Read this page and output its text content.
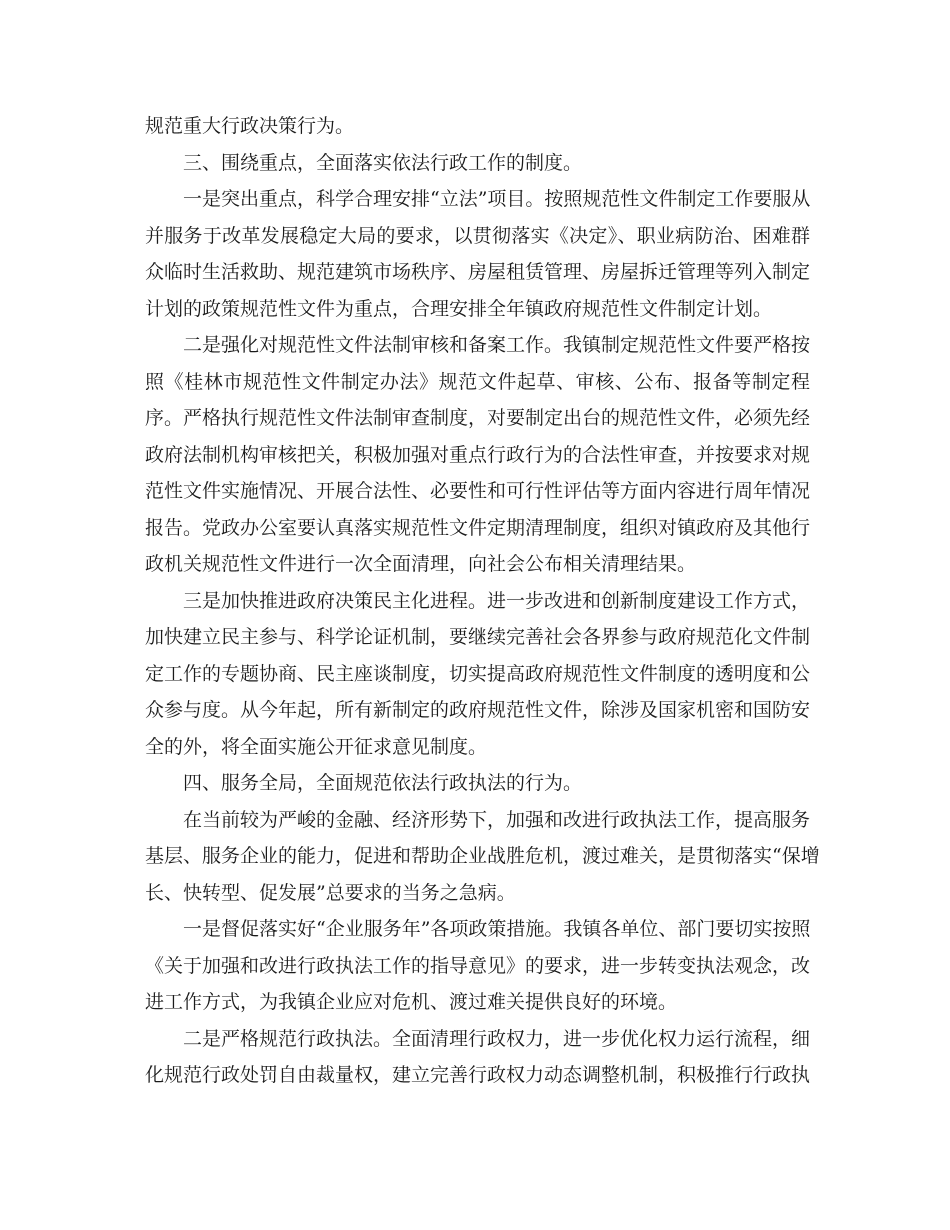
规范重大行政决策行为。
三、围绕重点，全面落实依法行政工作的制度。
一是突出重点，科学合理安排“立法”项目。按照规范性文件制定工作要服从
并服务于改革发展稳定大局的要求，以贯彻落实《决定》、职业病防治、困难群
众临时生活救助、规范建筑市场秩序、房屋租赁管理、房屋拆迁管理等列入制定
计划的政策规范性文件为重点，合理安排全年镇政府规范性文件制定计划。
二是强化对规范性文件法制审核和备案工作。我镇制定规范性文件要严格按
照《桂林市规范性文件制定办法》规范文件起草、审核、公布、报备等制定程
序。严格执行规范性文件法制审查制度，对要制定出台的规范性文件，必须先经
政府法制机构审核把关，积极加强对重点行政行为的合法性审查，并按要求对规
范性文件实施情况、开展合法性、必要性和可行性评估等方面内容进行周年情况
报告。党政办公室要认真落实规范性文件定期清理制度，组织对镇政府及其他行
政机关规范性文件进行一次全面清理，向社会公布相关清理结果。
三是加快推进政府决策民主化进程。进一步改进和创新制度建设工作方式，
加快建立民主参与、科学论证机制，要继续完善社会各界参与政府规范化文件制
定工作的专题协商、民主座谈制度，切实提高政府规范性文件制度的透明度和公
众参与度。从今年起，所有新制定的政府规范性文件，除涉及国家机密和国防安
全的外，将全面实施公开征求意见制度。
四、服务全局，全面规范依法行政执法的行为。
在当前较为严峻的金融、经济形势下，加强和改进行政执法工作，提高服务
基层、服务企业的能力，促进和帮助企业战胜危机，渡过难关，是贯彻落实“保增
长、快转型、促发展”总要求的当务之急病。
一是督促落实好“企业服务年”各项政策措施。我镇各单位、部门要切实按照
《关于加强和改进行政执法工作的指导意见》的要求，进一步转变执法观念，改
进工作方式，为我镇企业应对危机、渡过难关提供良好的环境。
二是严格规范行政执法。全面清理行政权力，进一步优化权力运行流程，细
化规范行政处罚自由裁量权，建立完善行政权力动态调整机制，积极推行行政执
